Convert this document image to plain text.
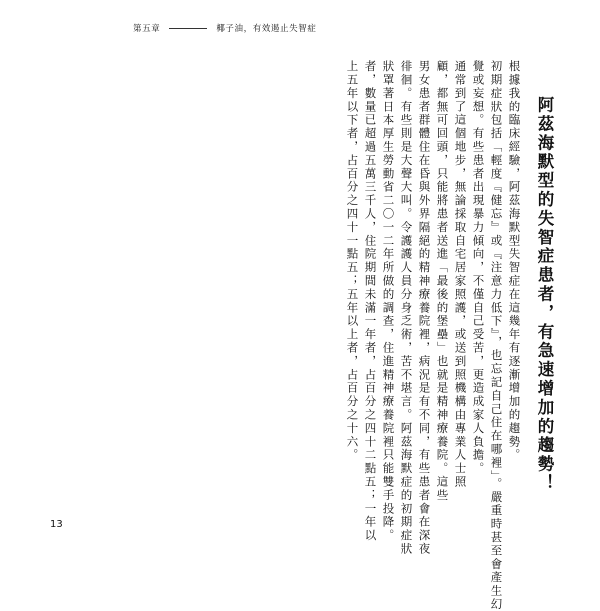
第五章	椰子油，有效遏止失智症
阿茲海默型的失智症患者，有急速增加的趨勢！
根據我的臨床經驗，阿茲海默型失智症在這幾年有逐漸增加的趨勢。
初期症狀包括「輕度『健忘』或『注意力低下』，也忘記自己住在哪裡」。嚴重時甚至會產生幻
覺或妄想。有些患者出現暴力傾向，不僅自己受苦，更造成家人負擔。
通常到了這個地步，無論採取自宅居家照護，或送到照機構由專業人士照
顧，都無可回頭，只能將患者送進「最後的堡壘」也就是精神療養院。這些
男女患者群體住在昏與外界隔絕的精神療養院裡，病況是有不同，有些患者會在深夜
徘徊。有些則是大聲大叫。令護護人員分身乏術，苦不堪言。阿茲海默症的初期症狀
狀罩著日本厚生勞動省二〇一二年所做的調查，住進精神療養院裡只能雙手投降。
者，數量已超過五萬三千人，住院期間未滿一年者，占百分之四十二點五；一年以
上五年以下者，占百分之四十一點五；五年以上者，占百分之十六。
13
